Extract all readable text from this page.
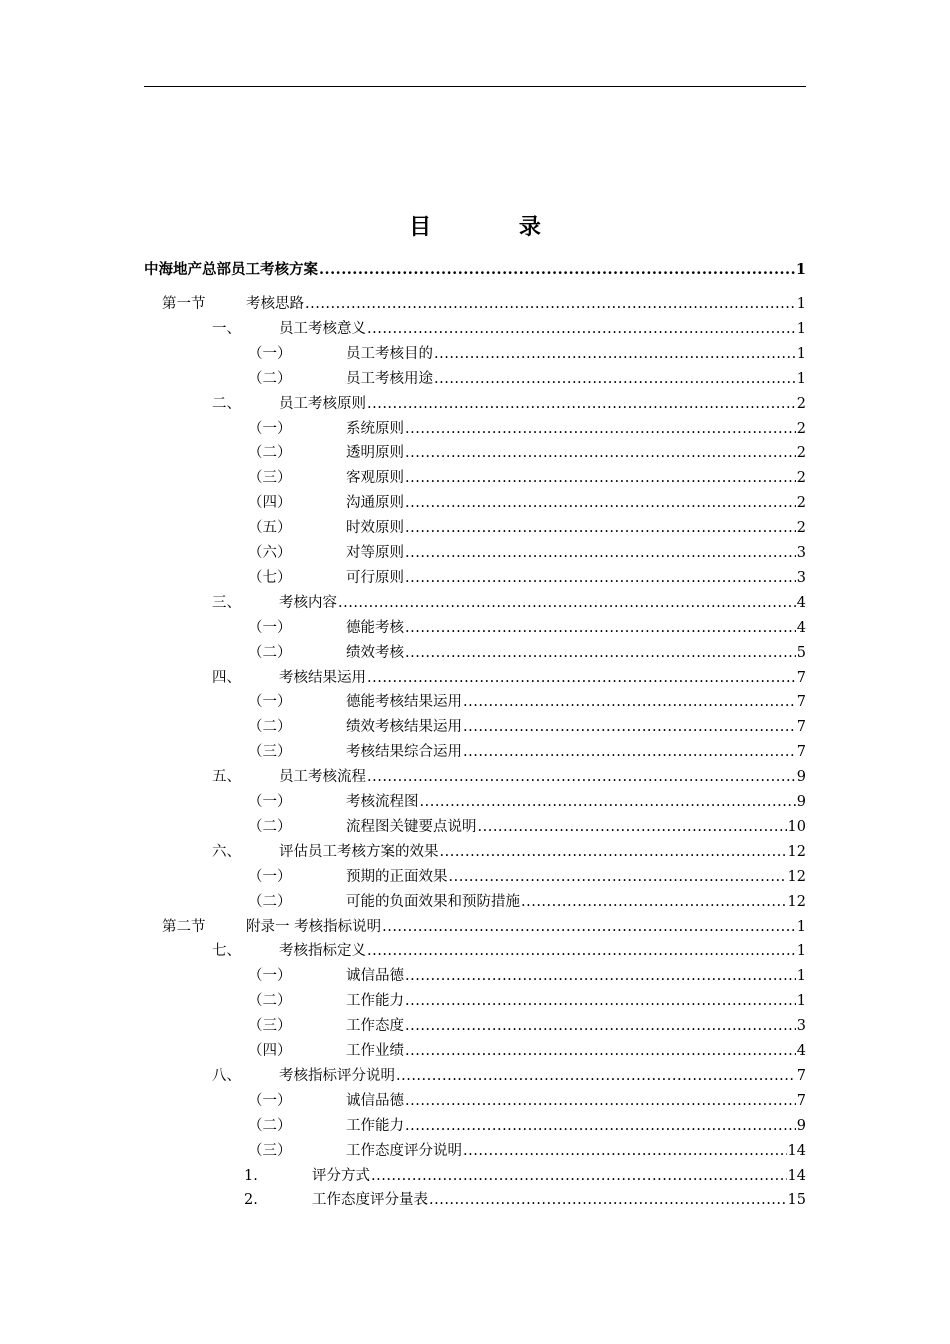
目 录
中海地产总部员工考核方案 .....	1
第一节	考核思路 .....	1
一、	员工考核意义 .....	1
（一）	员工考核目的 .....	1
（二）	员工考核用途 .....	1
二、	员工考核原则 .....	2
（一）	系统原则 .....	2
（二）	透明原则 .....	2
（三）	客观原则 .....	2
（四）	沟通原则 .....	2
（五）	时效原则 .....	2
（六）	对等原则 .....	3
（七）	可行原则 .....	3
三、	考核内容 .....	4
（一）	德能考核 .....	4
（二）	绩效考核 .....	5
四、	考核结果运用 .....	7
（一）	德能考核结果运用 .....	7
（二）	绩效考核结果运用 .....	7
（三）	考核结果综合运用 .....	7
五、	员工考核流程 .....	9
（一）	考核流程图 .....	9
（二）	流程图关键要点说明 .....	10
六、	评估员工考核方案的效果 .....	12
（一）	预期的正面效果 .....	12
（二）	可能的负面效果和预防措施 .....	12
第二节	附录一 考核指标说明 .....	1
七、	考核指标定义 .....	1
（一）	诚信品德 .....	1
（二）	工作能力 .....	1
（三）	工作态度 .....	3
（四）	工作业绩 .....	4
八、	考核指标评分说明 .....	7
（一）	诚信品德 .....	7
（二）	工作能力 .....	9
（三）	工作态度评分说明 .....	14
1.	评分方式 .....	14
2.	工作态度评分量表 .....	15
